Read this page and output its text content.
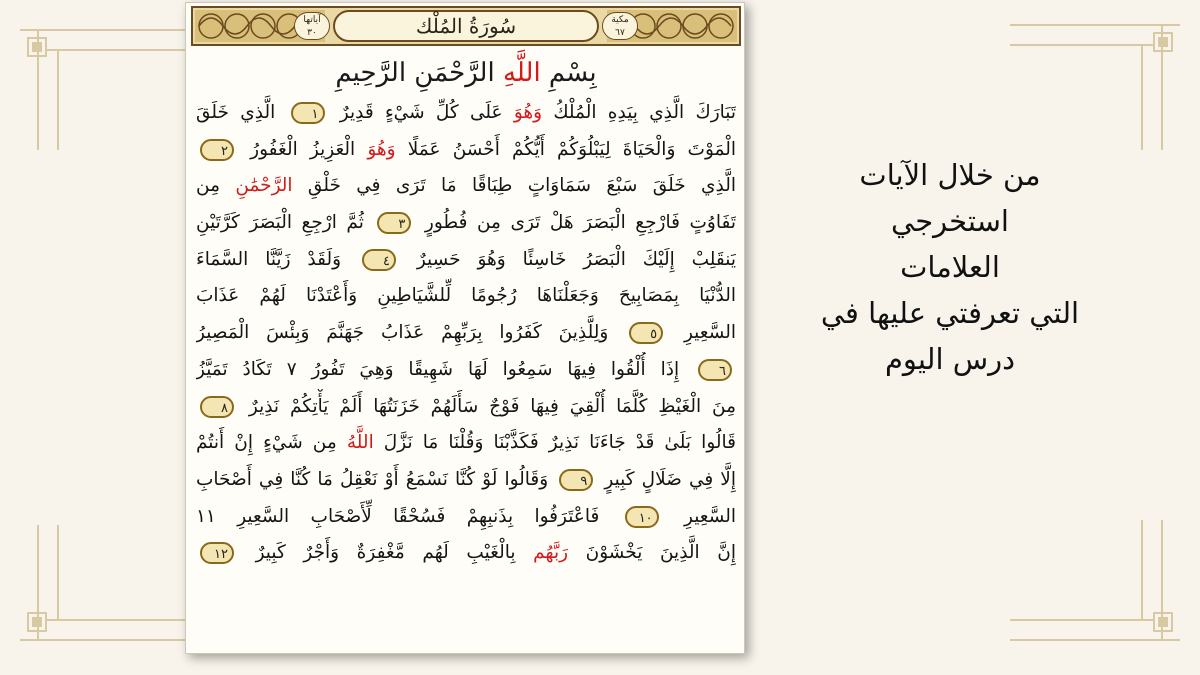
آياتها
٣٠	سُورَةُ المُلْك	مكية
٦٧
بِسْمِ اللَّهِ الرَّحْمَنِ الرَّحِيمِ
تَبَارَكَ الَّذِي بِيَدِهِ الْمُلْكُ وَهُوَ عَلَى كُلِّ شَيْءٍ قَدِيرٌ ١ الَّذِي خَلَقَ
الْمَوْتَ وَالْحَيَاةَ لِيَبْلُوَكُمْ أَيُّكُمْ أَحْسَنُ عَمَلًا وَهُوَ الْعَزِيزُ الْغَفُورُ ٢
الَّذِي خَلَقَ سَبْعَ سَمَاوَاتٍ طِبَاقًا مَا تَرَى فِي خَلْقِ الرَّحْمَٰنِ مِن
تَفَاوُتٍ فَارْجِعِ الْبَصَرَ هَلْ تَرَى مِن فُطُورٍ ٣ ثُمَّ ارْجِعِ الْبَصَرَ كَرَّتَيْنِ
يَنقَلِبْ إِلَيْكَ الْبَصَرُ خَاسِئًا وَهُوَ حَسِيرٌ ٤ وَلَقَدْ زَيَّنَّا السَّمَاءَ
الدُّنْيَا بِمَصَابِيحَ وَجَعَلْنَاهَا رُجُومًا لِّلشَّيَاطِينِ وَأَعْتَدْنَا لَهُمْ عَذَابَ
السَّعِيرِ ٥ وَلِلَّذِينَ كَفَرُوا بِرَبِّهِمْ عَذَابُ جَهَنَّمَ وَبِئْسَ الْمَصِيرُ
٦ إِذَا أُلْقُوا فِيهَا سَمِعُوا لَهَا شَهِيقًا وَهِيَ تَفُورُ ٧ تَكَادُ تَمَيَّزُ
مِنَ الْغَيْظِ كُلَّمَا أُلْقِيَ فِيهَا فَوْجٌ سَأَلَهُمْ خَزَنَتُهَا أَلَمْ يَأْتِكُمْ نَذِيرٌ ٨
قَالُوا بَلَىٰ قَدْ جَاءَنَا نَذِيرٌ فَكَذَّبْنَا وَقُلْنَا مَا نَزَّلَ اللَّهُ مِن شَيْءٍ إِنْ أَنتُمْ
إِلَّا فِي ضَلَالٍ كَبِيرٍ ٩ وَقَالُوا لَوْ كُنَّا نَسْمَعُ أَوْ نَعْقِلُ مَا كُنَّا فِي أَصْحَابِ
السَّعِيرِ ١٠ فَاعْتَرَفُوا بِذَنبِهِمْ فَسُحْقًا لِّأَصْحَابِ السَّعِيرِ ١١
إِنَّ الَّذِينَ يَخْشَوْنَ رَبَّهُم بِالْغَيْبِ لَهُم مَّغْفِرَةٌ وَأَجْرٌ كَبِيرٌ ١٢
من خلال الآيات
استخرجي
العلامات
التي تعرفتي عليها في
درس اليوم
